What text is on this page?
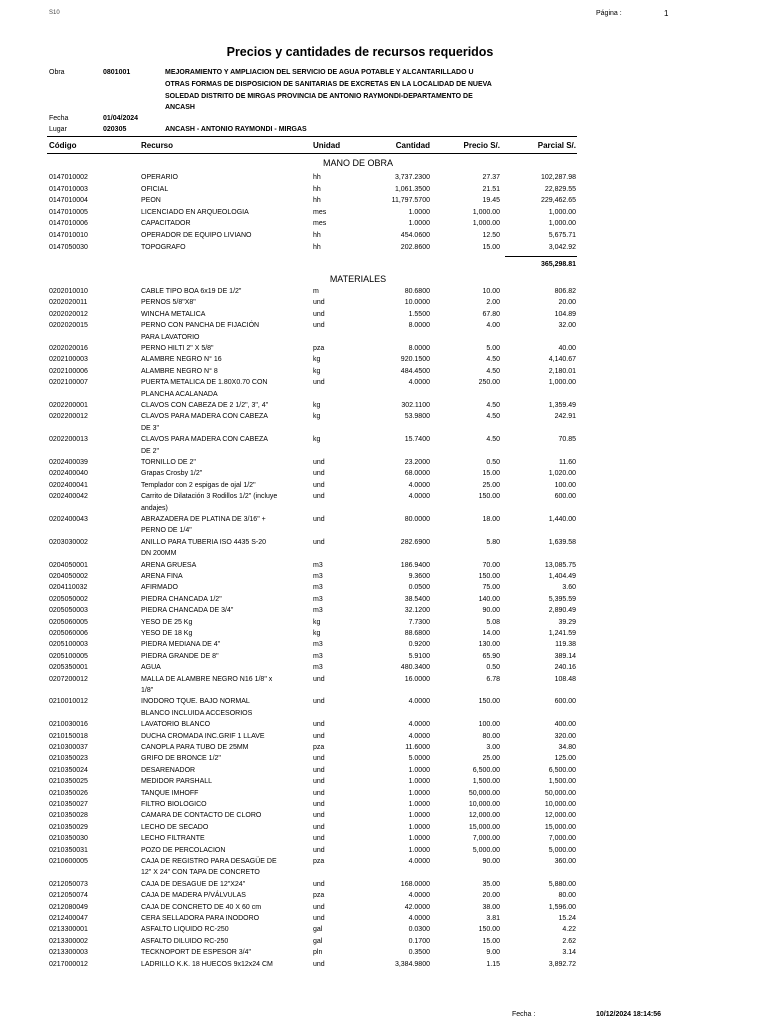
S10	Página :	1
Precios y cantidades de recursos requeridos
Obra	0801001	MEJORAMIENTO Y AMPLIACION DEL SERVICIO DE AGUA POTABLE Y ALCANTARILLADO U
OTRAS FORMAS DE DISPOSICION DE SANITARIAS DE EXCRETAS EN LA LOCALIDAD DE NUEVA
SOLEDAD DISTRITO DE MIRGAS PROVINCIA DE ANTONIO RAYMONDI-DEPARTAMENTO DE
ANCASH
Fecha	01/04/2024
Lugar	020305	ANCASH - ANTONIO RAYMONDI - MIRGAS
Código	Recurso	Unidad	Cantidad	Precio S/.	Parcial S/.
MANO DE OBRA
0147010002	OPERARIO	hh	3,737.2300	27.37	102,287.98
0147010003	OFICIAL	hh	1,061.3500	21.51	22,829.55
0147010004	PEON	hh	11,797.5700	19.45	229,462.65
0147010005	LICENCIADO EN ARQUEOLOGIA	mes	1.0000	1,000.00	1,000.00
0147010006	CAPACITADOR	mes	1.0000	1,000.00	1,000.00
0147010010	OPERADOR DE EQUIPO LIVIANO	hh	454.0600	12.50	5,675.71
0147050030	TOPOGRAFO	hh	202.8600	15.00	3,042.92
365,298.81
MATERIALES
0202010010	CABLE TIPO BOA 6x19 DE 1/2"	m	80.6800	10.00	806.82
0202020011	PERNOS 5/8"X8"	und	10.0000	2.00	20.00
0202020012	WINCHA METALICA	und	1.5500	67.80	104.89
0202020015	PERNO CON PANCHA DE FIJACIÓN	und	8.0000	4.00	32.00
PARA LAVATORIO
0202020016	PERNO HILTI 2" X 5/8"	pza	8.0000	5.00	40.00
0202100003	ALAMBRE NEGRO N° 16	kg	920.1500	4.50	4,140.67
0202100006	ALAMBRE NEGRO N° 8	kg	484.4500	4.50	2,180.01
0202100007	PUERTA METALICA DE 1.80X0.70 CON	und	4.0000	250.00	1,000.00
PLANCHA ACALANADA
0202200001	CLAVOS CON CABEZA DE 2 1/2", 3", 4"	kg	302.1100	4.50	1,359.49
0202200012	CLAVOS PARA MADERA CON CABEZA	kg	53.9800	4.50	242.91
DE 3"
0202200013	CLAVOS PARA MADERA CON CABEZA	kg	15.7400	4.50	70.85
DE 2"
0202400039	TORNILLO DE 2"	und	23.2000	0.50	11.60
0202400040	Grapas Crosby 1/2"	und	68.0000	15.00	1,020.00
0202400041	Templador con 2 espigas de ojal 1/2"	und	4.0000	25.00	100.00
0202400042	Carrito de Dilatación 3 Rodillos 1/2" (incluye	und	4.0000	150.00	600.00
andajes)
0202400043	ABRAZADERA DE PLATINA DE 3/16" +	und	80.0000	18.00	1,440.00
PERNO DE 1/4"
0203030002	ANILLO PARA TUBERIA ISO 4435 S-20	und	282.6900	5.80	1,639.58
DN 200MM
0204050001	ARENA GRUESA	m3	186.9400	70.00	13,085.75
0204050002	ARENA FINA	m3	9.3600	150.00	1,404.49
0204110032	AFIRMADO	m3	0.0500	75.00	3.60
0205050002	PIEDRA CHANCADA 1/2"	m3	38.5400	140.00	5,395.59
0205050003	PIEDRA CHANCADA DE 3/4"	m3	32.1200	90.00	2,890.49
0205060005	YESO DE 25 Kg	kg	7.7300	5.08	39.29
0205060006	YESO DE 18 Kg	kg	88.6800	14.00	1,241.59
0205100003	PIEDRA MEDIANA DE 4"	m3	0.9200	130.00	119.38
0205100005	PIEDRA GRANDE DE 8"	m3	5.9100	65.90	389.14
0205350001	AGUA	m3	480.3400	0.50	240.16
0207200012	MALLA DE ALAMBRE NEGRO N16 1/8" x	und	16.0000	6.78	108.48
1/8"
0210010012	INODORO TQUE. BAJO NORMAL	und	4.0000	150.00	600.00
BLANCO INCLUIDA ACCESORIOS
0210030016	LAVATORIO BLANCO	und	4.0000	100.00	400.00
0210150018	DUCHA CROMADA INC.GRIF 1 LLAVE	und	4.0000	80.00	320.00
0210300037	CANOPLA PARA TUBO DE 25MM	pza	11.6000	3.00	34.80
0210350023	GRIFO DE BRONCE 1/2"	und	5.0000	25.00	125.00
0210350024	DESARENADOR	und	1.0000	6,500.00	6,500.00
0210350025	MEDIDOR PARSHALL	und	1.0000	1,500.00	1,500.00
0210350026	TANQUE IMHOFF	und	1.0000	50,000.00	50,000.00
0210350027	FILTRO BIOLOGICO	und	1.0000	10,000.00	10,000.00
0210350028	CAMARA DE CONTACTO DE CLORO	und	1.0000	12,000.00	12,000.00
0210350029	LECHO DE SECADO	und	1.0000	15,000.00	15,000.00
0210350030	LECHO FILTRANTE	und	1.0000	7,000.00	7,000.00
0210350031	POZO DE PERCOLACION	und	1.0000	5,000.00	5,000.00
0210600005	CAJA DE REGISTRO PARA DESAGÜE DE	pza	4.0000	90.00	360.00
12" X 24" CON TAPA DE CONCRETO
0212050073	CAJA DE DESAGUE DE 12"X24"	und	168.0000	35.00	5,880.00
0212050074	CAJA DE MADERA P/VÁLVULAS	pza	4.0000	20.00	80.00
0212080049	CAJA DE CONCRETO DE 40 X 60 cm	und	42.0000	38.00	1,596.00
0212400047	CERA SELLADORA PARA INODORO	und	4.0000	3.81	15.24
0213300001	ASFALTO LIQUIDO RC-250	gal	0.0300	150.00	4.22
0213300002	ASFALTO DILUIDO RC-250	gal	0.1700	15.00	2.62
0213300003	TECKNOPORT DE ESPESOR 3/4"	pln	0.3500	9.00	3.14
0217000012	LADRILLO K.K. 18 HUECOS 9x12x24 CM	und	3,384.9800	1.15	3,892.72
Fecha :	10/12/2024 18:14:56
